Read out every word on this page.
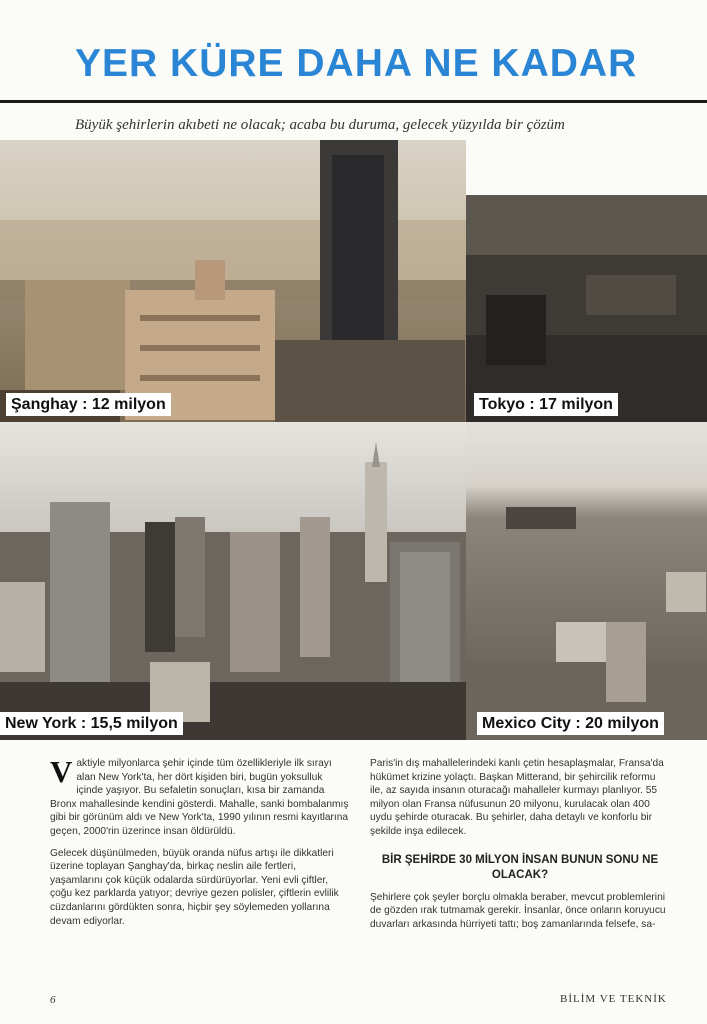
YER KÜRE DAHA NE KADAR
Büyük şehirlerin akıbeti ne olacak; acaba bu duruma, gelecek yüzyılda bir çözüm
Şanghay : 12 milyon	Tokyo : 17 milyon
New York : 15,5 milyon	Mexico City : 20 milyon

Vaktiyle milyonlarca şehir içinde tüm özellikleriyle ilk sırayı alan New York'ta, her dört kişiden biri, bugün yoksulluk içinde yaşıyor. Bu sefaletin sonuçları, kısa bir zamanda Bronx mahallesinde kendini gösterdi. Mahalle, sanki bombalanmış gibi bir görünüm aldı ve New York'ta, 1990 yılının resmi kayıtlarına geçen, 2000'rin üzerince insan öldürüldü.

Gelecek düşünülmeden, büyük oranda nüfus artışı ile dikkatleri üzerine toplayan Şanghay'da, birkaç neslin aile fertleri, yaşamlarını çok küçük odalarda sürdürüyorlar. Yeni evli çiftler, çoğu kez parklarda yatıyor; devriye gezen polisler, çiftlerin evlilik cüzdanlarını gördükten sonra, hiçbir şey söylemeden yollarına devam ediyorlar.

Paris'in dış mahallelerindeki kanlı çetin hesaplaşmalar, Fransa'da hükümet krizine yolaçtı. Başkan Mitterand, bir şehircilik reformu ile, az sayıda insanın oturacağı mahalleler kurmayı planlıyor. 55 milyon olan Fransa nüfusunun 20 milyonu, kurulacak olan 400 uydu şehirde oturacak. Bu şehirler, daha detaylı ve konforlu bir şekilde inşa edilecek.

BİR ŞEHİRDE 30 MİLYON İNSAN BUNUN SONU NE OLACAK?

Şehirlere çok şeyler borçlu olmakla beraber, mevcut problemlerini de gözden ırak tutmamak gerekir. İnsanlar, önce onların koruyucu duvarları arkasında hürriyeti tattı; boş zamanlarında felsefe, sa-

6	BİLİM VE TEKNİK
